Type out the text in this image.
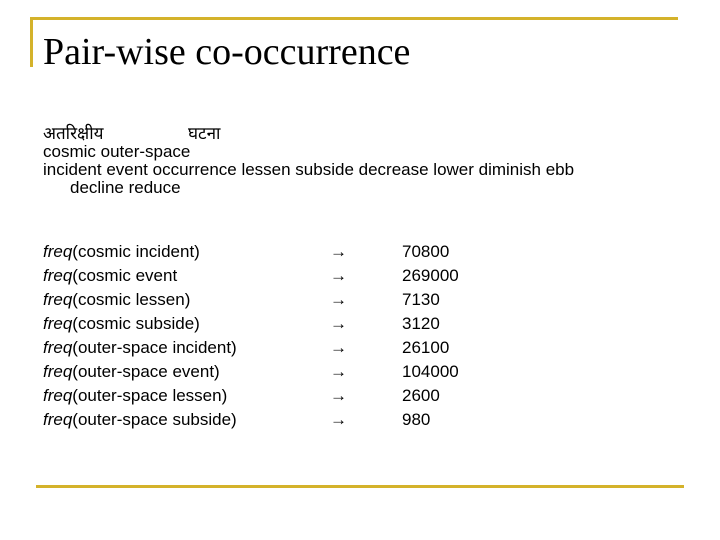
Pair-wise co-occurrence
अतरिक्षीय	घटना
cosmic outer-space
incident event occurrence lessen subside decrease lower diminish ebb
decline reduce
freq(cosmic incident)	→	70800
freq(cosmic event	→	269000
freq(cosmic lessen)	→	7130
freq(cosmic subside)	→	3120
freq(outer-space incident)	→	26100
freq(outer-space event)	→	104000
freq(outer-space lessen)	→	2600
freq(outer-space subside)	→	980
